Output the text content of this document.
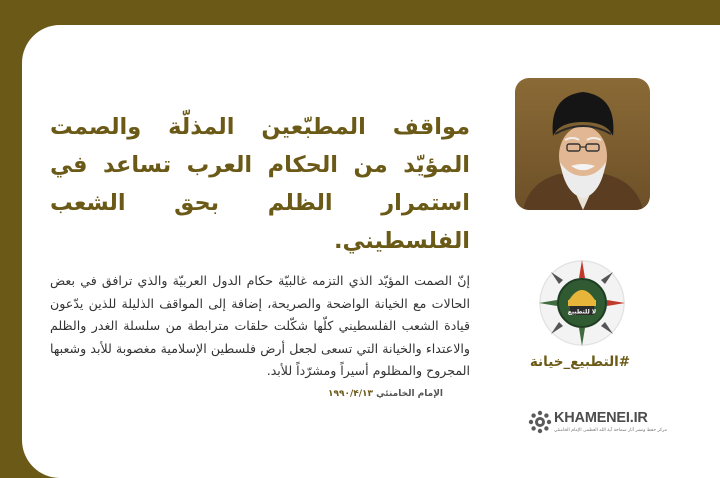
مواقف المطبّعين المذلّة والصمت المؤيّد من الحكام العرب تساعد في استمرار الظلم بحق الشعب الفلسطيني.

إنّ الصمت المؤيّد الذي التزمه غالبيّة حكام الدول العربيّة والذي ترافق في بعض الحالات مع الخيانة الواضحة والصريحة، إضافة إلى المواقف الذليلة للذين يدّعون قيادة الشعب الفلسطيني كلّها شكّلت حلقات مترابطة من سلسلة الغدر والظلم والاعتداء والخيانة التي تسعى لجعل أرض فلسطين الإسلامية مغصوبة للأبد وشعبها المجروح والمظلوم أسيراً ومشرّداً للأبد.

الإمام الخامنئي
۱۹۹۰/۴/۱۳
لا للتطبيع
#التطبيع_خيانة
KHAMENEI.IR
مركز حفظ ونشر آثار سماحة آية الله العظمى الإمام الخامنئي
